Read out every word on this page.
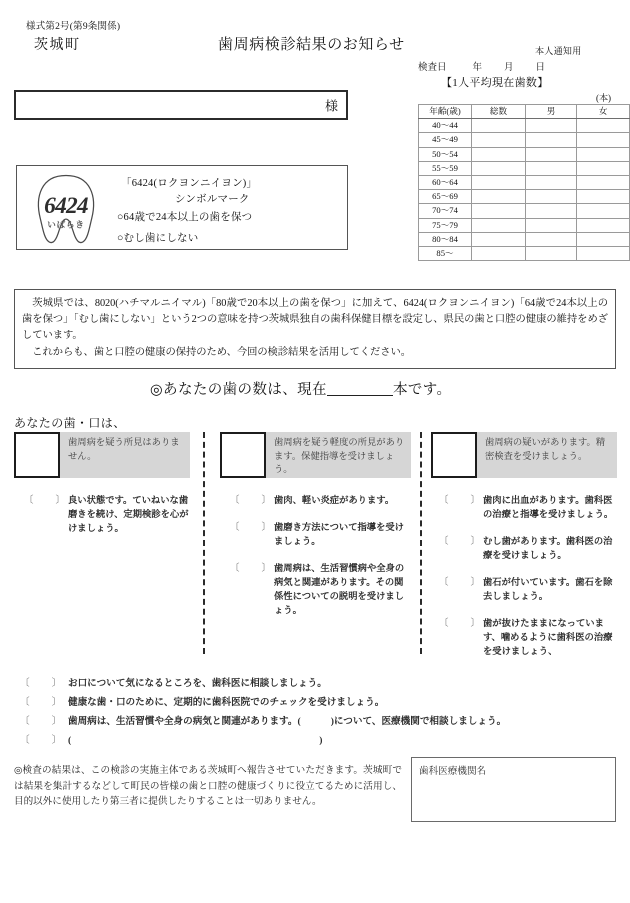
様式第2号(第9条関係)
茨城町	歯周病検診結果のお知らせ	本人通知用
検査日	年 月 日
【1人平均現在歯数】
(本)
様	年齢(歳)	総数	男	女
40〜44			
45〜49			
50〜54			
55〜59			
60〜64			
65〜69			
70〜74			
75〜79			
80〜84			
85〜			
6424
いばらき
「6424(ロクヨンニイヨン)」
シンボルマーク
○64歳で24本以上の歯を保つ
○むし歯にしない

茨城県では、8020(ハチマルニイマル)「80歳で20本以上の歯を保つ」に加えて、6424(ロクヨンニイヨン)「64歳で24本以上の歯を保つ」「むし歯にしない」という2つの意味を持つ茨城県独自の歯科保健目標を設定し、県民の歯と口腔の健康の維持をめざしています。

これからも、歯と口腔の健康の保持のため、今回の検診結果を活用してください。

◎あなたの歯の数は、現在	本です。
あなたの歯・口は、
歯周病を疑う所見はありません。
〔　　〕 良い状態です。ていねいな歯磨きを続け、定期検診を心がけましょう。
歯周病を疑う軽度の所見があります。保健指導を受けましょう。
〔　　〕 歯肉、軽い炎症があります。
〔　　〕 歯磨き方法について指導を受けましょう。
〔　　〕 歯周病は、生活習慣病や全身の病気と関連があります。その関係性についての説明を受けましょう。
歯周病の疑いがあります。精密検査を受けましょう。
〔　　〕 歯肉に出血があります。歯科医の治療と指導を受けましょう。
〔　　〕 むし歯があります。歯科医の治療を受けましょう。
〔　　〕 歯石が付いています。歯石を除去しましょう。
〔　　〕 歯が抜けたままになっています、噛めるように歯科医の治療を受けましょう、
〔　　〕 お口について気になるところを、歯科医に相談しましょう。
〔　　〕 健康な歯・口のために、定期的に歯科医院でのチェックを受けましょう。
〔　　〕 歯周病は、生活習慣や全身の病気と関連があります。(	)について、医療機関で相談しましょう。
〔　　〕 (	)
◎検査の結果は、この検診の実施主体である茨城町へ報告させていただきます。茨城町では結果を集計するなどして町民の皆様の歯と口腔の健康づくりに役立てるために活用し、目的以外に使用したり第三者に提供したりすることは一切ありません。
歯科医療機関名
